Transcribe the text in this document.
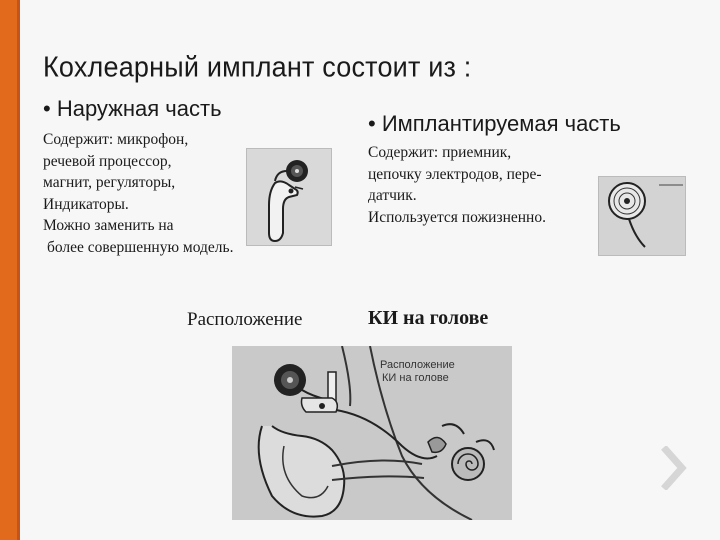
Кохлеарный имплант состоит из :
• Наружная часть
Содержит: микрофон,
речевой процессор,
магнит, регуляторы,
Индикаторы.
Можно заменить на
более совершенную модель.
• Имплантируемая часть
Содержит: приемник,
цепочку электродов, пере-
датчик.
Используется пожизненно.
Расположение	КИ на голове
Расположение
КИ на голове
